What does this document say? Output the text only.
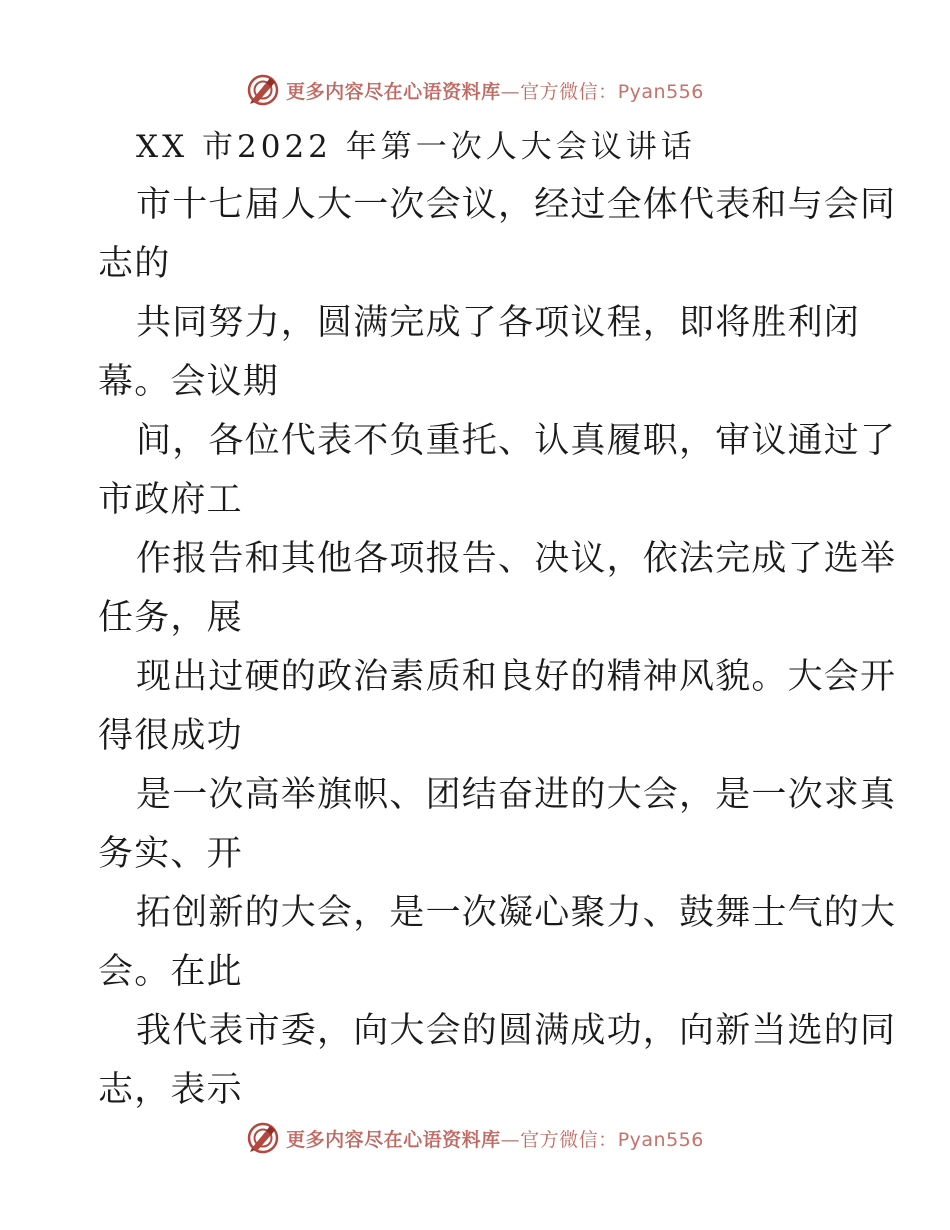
更多内容尽在心语资料库—官方微信：Pyan556
XX 市2022 年第一次人大会议讲话
市十七届人大一次会议，经过全体代表和与会同
志的
共同努力，圆满完成了各项议程，即将胜利闭
幕。会议期
间，各位代表不负重托、认真履职，审议通过了
市政府工
作报告和其他各项报告、决议，依法完成了选举
任务，展
现出过硬的政治素质和良好的精神风貌。大会开
得很成功
是一次高举旗帜、团结奋进的大会，是一次求真
务实、开
拓创新的大会，是一次凝心聚力、鼓舞士气的大
会。在此
我代表市委，向大会的圆满成功，向新当选的同
志，表示
更多内容尽在心语资料库—官方微信：Pyan556
